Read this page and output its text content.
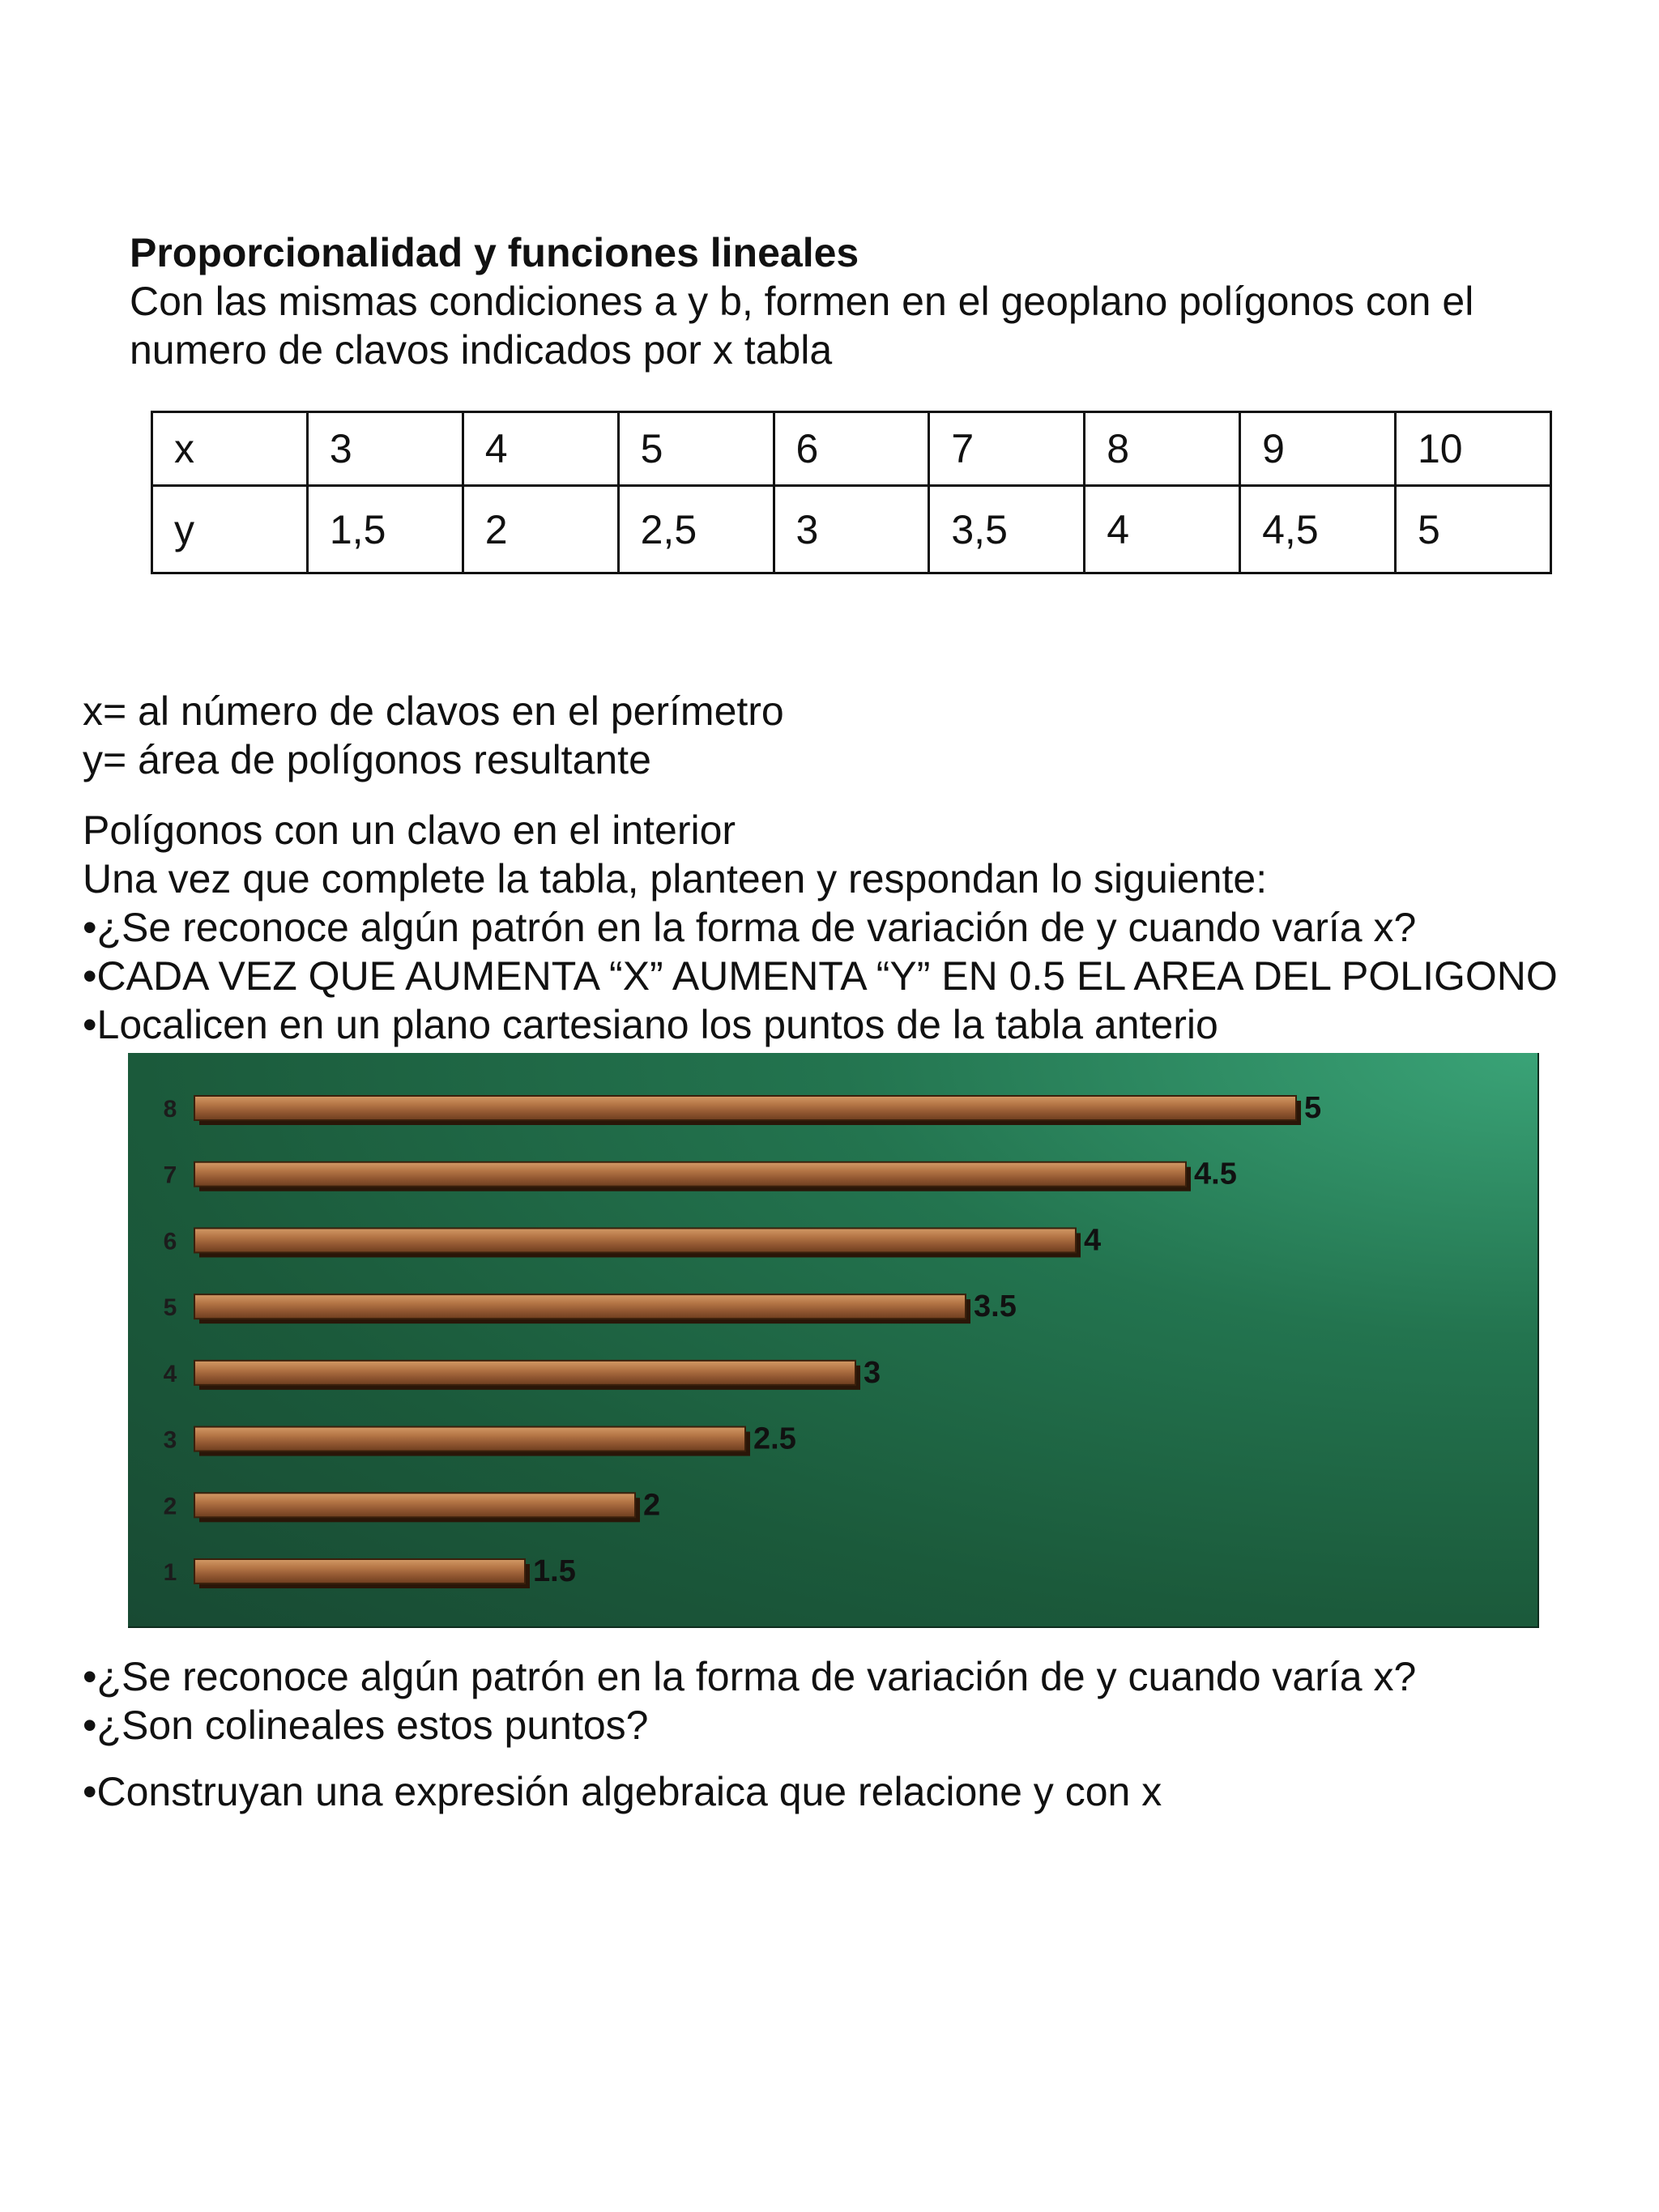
Proporcionalidad y funciones lineales
Con las mismas condiciones a y b, formen en el geoplano polígonos con el
numero de clavos indicados por x tabla
x	3	4	5	6	7	8	9	10
y	1,5	2	2,5	3	3,5	4	4,5	5
x= al número de clavos en el perímetro
y= área de polígonos resultante
Polígonos con un clavo en el interior
Una vez que complete la tabla, planteen y respondan lo siguiente:
•¿Se reconoce algún patrón en la forma de variación de y cuando varía x?
•CADA VEZ QUE AUMENTA “X” AUMENTA “Y” EN 0.5 EL AREA DEL POLIGONO
•Localicen en un plano cartesiano los puntos de la tabla anterio
1	1.5
2	2
3	2.5
4	3
5	3.5
6	4
7	4.5
8	5
•¿Se reconoce algún patrón en la forma de variación de y cuando varía x?
•¿Son colineales estos puntos?
•Construyan una expresión algebraica que relacione y con x
